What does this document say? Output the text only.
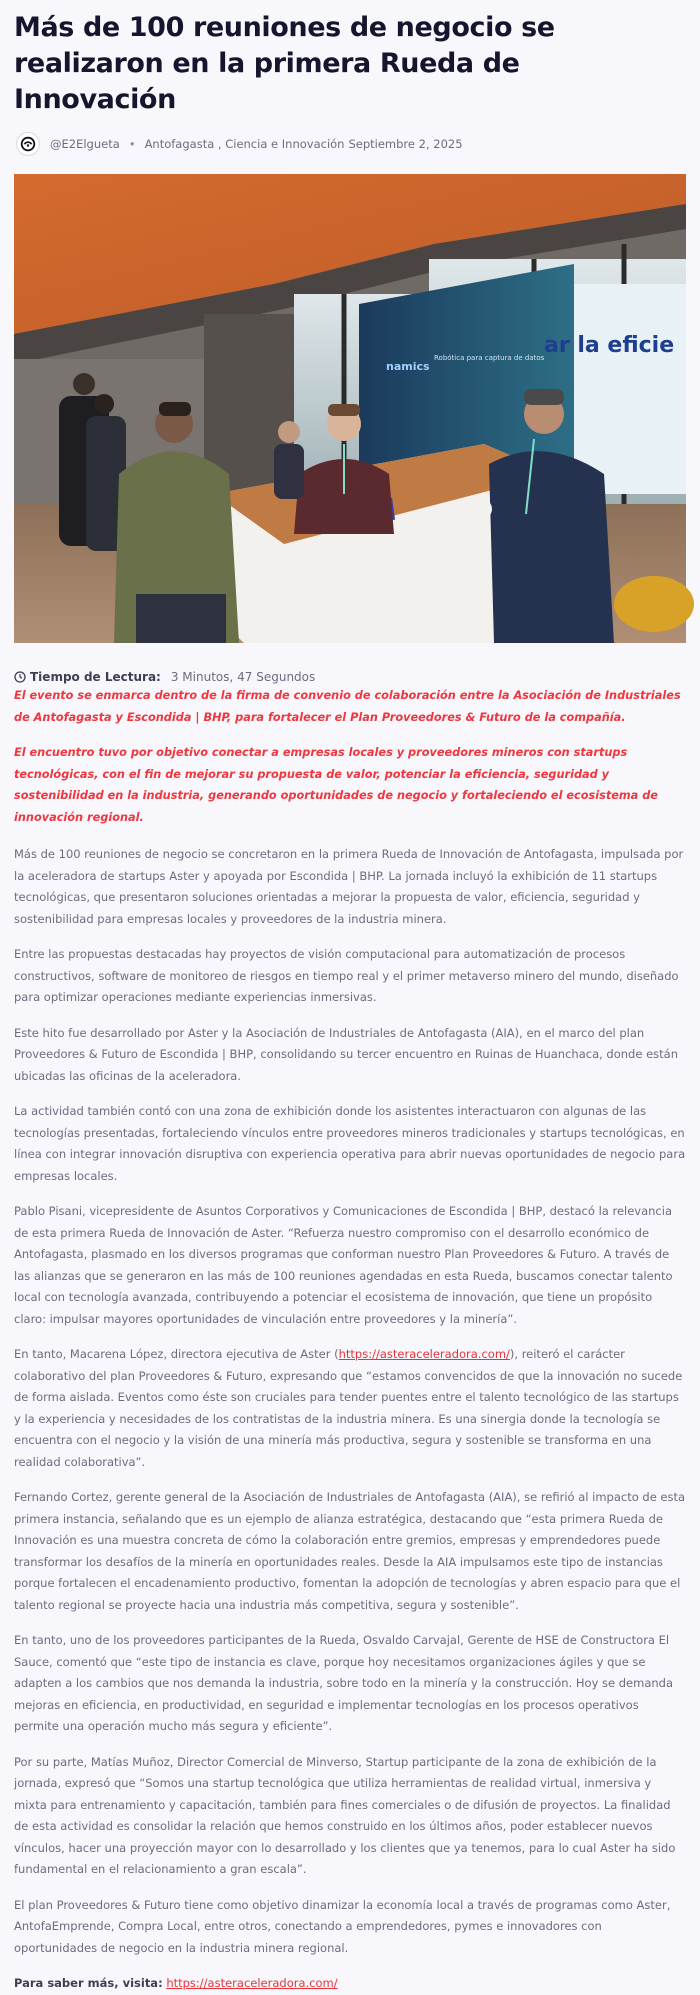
Más de 100 reuniones de negocio se realizaron en la primera Rueda de Innovación
@E2Elgueta • Antofagasta , Ciencia e Innovación Septiembre 2, 2025
Robótica para captura de datos
namics
ar la eficie
Tiempo de Lectura: 3 Minutos, 47 Segundos

El evento se enmarca dentro de la firma de convenio de colaboración entre la Asociación de Industriales de Antofagasta y Escondida | BHP, para fortalecer el Plan Proveedores & Futuro de la compañía.

El encuentro tuvo por objetivo conectar a empresas locales y proveedores mineros con startups tecnológicas, con el fin de mejorar su propuesta de valor, potenciar la eficiencia, seguridad y sostenibilidad en la industria, generando oportunidades de negocio y fortaleciendo el ecosistema de innovación regional.

Más de 100 reuniones de negocio se concretaron en la primera Rueda de Innovación de Antofagasta, impulsada por la aceleradora de startups Aster y apoyada por Escondida | BHP. La jornada incluyó la exhibición de 11 startups tecnológicas, que presentaron soluciones orientadas a mejorar la propuesta de valor, eficiencia, seguridad y sostenibilidad para empresas locales y proveedores de la industria minera.

Entre las propuestas destacadas hay proyectos de visión computacional para automatización de procesos constructivos, software de monitoreo de riesgos en tiempo real y el primer metaverso minero del mundo, diseñado para optimizar operaciones mediante experiencias inmersivas.

Este hito fue desarrollado por Aster y la Asociación de Industriales de Antofagasta (AIA), en el marco del plan Proveedores & Futuro de Escondida | BHP, consolidando su tercer encuentro en Ruinas de Huanchaca, donde están ubicadas las oficinas de la aceleradora.

La actividad también contó con una zona de exhibición donde los asistentes interactuaron con algunas de las tecnologías presentadas, fortaleciendo vínculos entre proveedores mineros tradicionales y startups tecnológicas, en línea con integrar innovación disruptiva con experiencia operativa para abrir nuevas oportunidades de negocio para empresas locales.

Pablo Pisani, vicepresidente de Asuntos Corporativos y Comunicaciones de Escondida | BHP, destacó la relevancia de esta primera Rueda de Innovación de Aster. “Refuerza nuestro compromiso con el desarrollo económico de Antofagasta, plasmado en los diversos programas que conforman nuestro Plan Proveedores & Futuro. A través de las alianzas que se generaron en las más de 100 reuniones agendadas en esta Rueda, buscamos conectar talento local con tecnología avanzada, contribuyendo a potenciar el ecosistema de innovación, que tiene un propósito claro: impulsar mayores oportunidades de vinculación entre proveedores y la minería”.

En tanto, Macarena López, directora ejecutiva de Aster (https://asteraceleradora.com/), reiteró el carácter colaborativo del plan Proveedores & Futuro, expresando que “estamos convencidos de que la innovación no sucede de forma aislada. Eventos como éste son cruciales para tender puentes entre el talento tecnológico de las startups y la experiencia y necesidades de los contratistas de la industria minera. Es una sinergia donde la tecnología se encuentra con el negocio y la visión de una minería más productiva, segura y sostenible se transforma en una realidad colaborativa”.

Fernando Cortez, gerente general de la Asociación de Industriales de Antofagasta (AIA), se refirió al impacto de esta primera instancia, señalando que es un ejemplo de alianza estratégica, destacando que “esta primera Rueda de Innovación es una muestra concreta de cómo la colaboración entre gremios, empresas y emprendedores puede transformar los desafíos de la minería en oportunidades reales. Desde la AIA impulsamos este tipo de instancias porque fortalecen el encadenamiento productivo, fomentan la adopción de tecnologías y abren espacio para que el talento regional se proyecte hacia una industria más competitiva, segura y sostenible”.

En tanto, uno de los proveedores participantes de la Rueda, Osvaldo Carvajal, Gerente de HSE de Constructora El Sauce, comentó que “este tipo de instancia es clave, porque hoy necesitamos organizaciones ágiles y que se adapten a los cambios que nos demanda la industria, sobre todo en la minería y la construcción. Hoy se demanda mejoras en eficiencia, en productividad, en seguridad e implementar tecnologías en los procesos operativos permite una operación mucho más segura y eficiente”.

Por su parte, Matías Muñoz, Director Comercial de Minverso, Startup participante de la zona de exhibición de la jornada, expresó que “Somos una startup tecnológica que utiliza herramientas de realidad virtual, inmersiva y mixta para entrenamiento y capacitación, también para fines comerciales o de difusión de proyectos. La finalidad de esta actividad es consolidar la relación que hemos construido en los últimos años, poder establecer nuevos vínculos, hacer una proyección mayor con lo desarrollado y los clientes que ya tenemos, para lo cual Aster ha sido fundamental en el relacionamiento a gran escala”.

El plan Proveedores & Futuro tiene como objetivo dinamizar la economía local a través de programas como Aster, AntofaEmprende, Compra Local, entre otros, conectando a emprendedores, pymes e innovadores con oportunidades de negocio en la industria minera regional.

Para saber más, visita: https://asteraceleradora.com/
